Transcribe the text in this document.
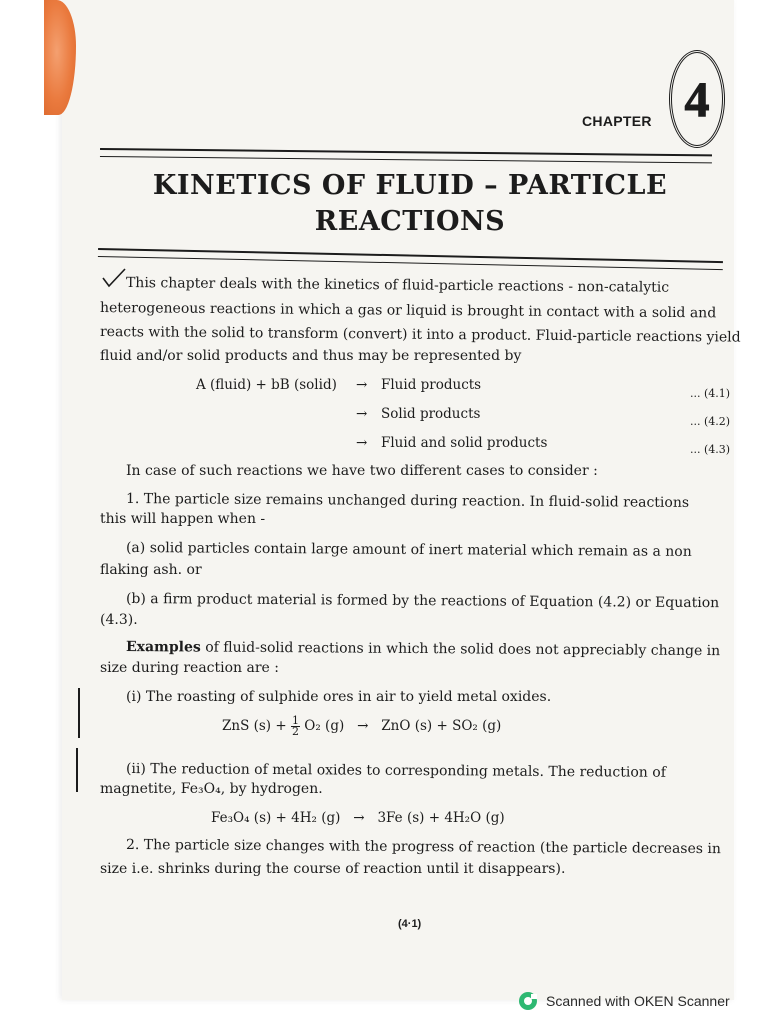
CHAPTER 4
KINETICS OF FLUID – PARTICLE
REACTIONS
This chapter deals with the kinetics of fluid-particle reactions - non-catalytic
heterogeneous reactions in which a gas or liquid is brought in contact with a solid and
reacts with the solid to transform (convert) it into a product. Fluid-particle reactions yield
fluid and/or solid products and thus may be represented by
A (fluid) + bB (solid) → Fluid products
... (4.1)
→ Solid products	... (4.2)
→ Fluid and solid products	... (4.3)
In case of such reactions we have two different cases to consider :
1. The particle size remains unchanged during reaction. In fluid-solid reactions
this will happen when -
(a) solid particles contain large amount of inert material which remain as a non
flaking ash. or
(b) a firm product material is formed by the reactions of Equation (4.2) or Equation
(4.3).
Examples of fluid-solid reactions in which the solid does not appreciably change in
size during reaction are :
(i) The roasting of sulphide ores in air to yield metal oxides.
ZnS $(s) + \frac{1}{2} O_2$ (g) → ZnO (s) + SO₂ (g)
(ii) The reduction of metal oxides to corresponding metals. The reduction of
magnetite, Fe₃O₄, by hydrogen.
Fe₃O₄ (s) + 4H₂ (g) → 3Fe (s) + 4H₂O (g)
2. The particle size changes with the progress of reaction (the particle decreases in
size i.e. shrinks during the course of reaction until it disappears).
(4·1)
Scanned with OKEN Scanner
